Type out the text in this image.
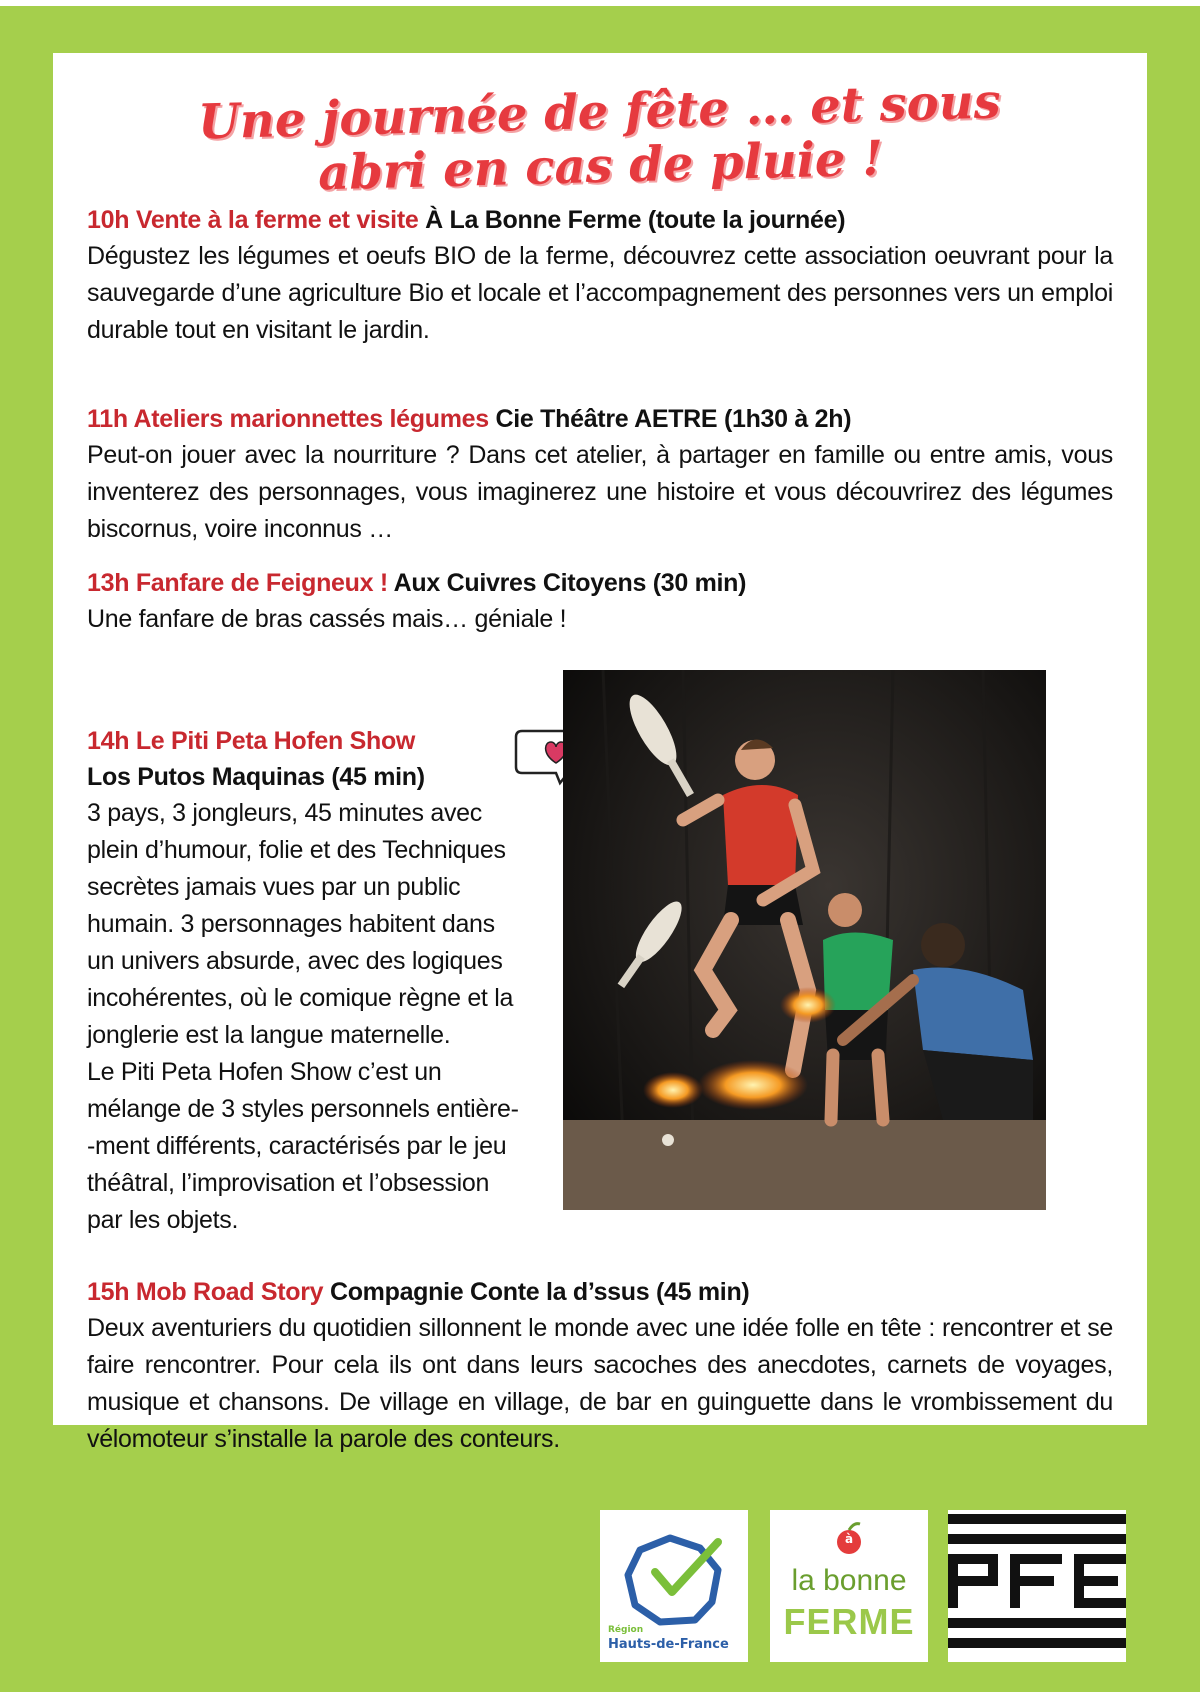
Une journée de fête … et sous
abri en cas de pluie !

10h Vente à la ferme et visite À La Bonne Ferme (toute la journée)

Dégustez les légumes et oeufs BIO de la ferme, découvrez cette association oeuvrant pour la sauvegarde d’une agriculture Bio et locale et l’accompagnement des personnes vers un emploi durable tout en visitant le jardin.

11h Ateliers marionnettes légumes Cie Théâtre AETRE (1h30 à 2h)

Peut-on jouer avec la nourriture ? Dans cet atelier, à partager en famille ou entre amis, vous inventerez des personnages, vous imaginerez une histoire et vous découvrirez des légumes biscornus, voire inconnus …

13h Fanfare de Feigneux ! Aux Cuivres Citoyens (30 min)

Une fanfare de bras cassés mais… géniale !

14h Le Piti Peta Hofen Show

Los Putos Maquinas (45 min)

3 pays, 3 jongleurs, 45 minutes avec
plein d’humour, folie et des Techniques
secrètes jamais vues par un public
humain. 3 personnages habitent dans
un univers absurde, avec des logiques
incohérentes, où le comique règne et la
jonglerie est la langue maternelle.
Le Piti Peta Hofen Show c’est un
mélange de 3 styles personnels entière-
-ment différents, caractérisés par le jeu
théâtral, l’improvisation et l’obsession
par les objets.

15h Mob Road Story Compagnie Conte la d’ssus (45 min)

Deux aventuriers du quotidien sillonnent le monde avec une idée folle en tête : rencontrer et se faire rencontrer. Pour cela ils ont dans leurs sacoches des anecdotes, carnets de voyages, musique et chansons. De village en village, de bar en guinguette dans le vrombissement du vélomoteur s’installe la parole des conteurs.

Région
Hauts-de-France
à
la bonne
FERME
